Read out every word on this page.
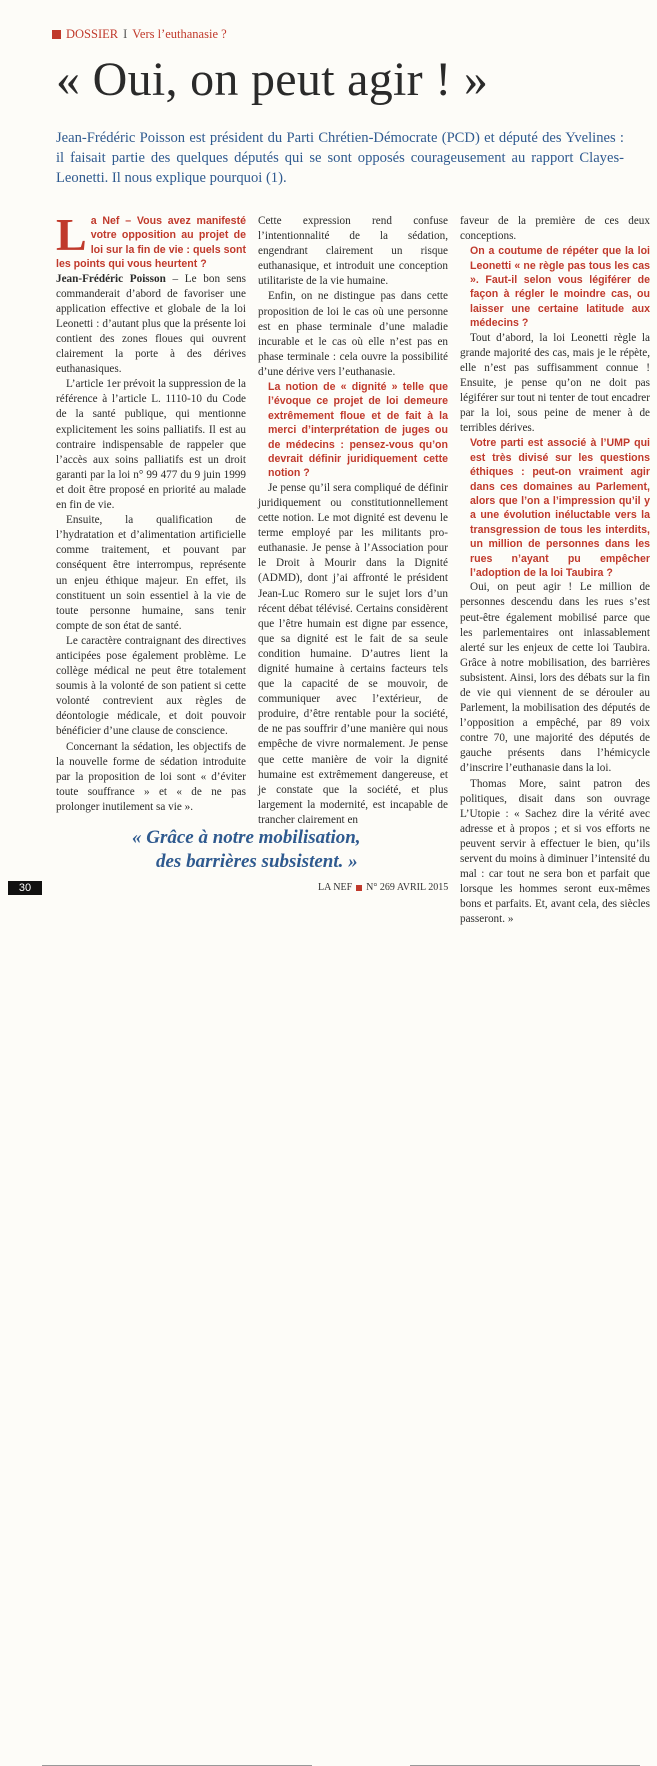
DOSSIER I Vers l’euthanasie ?
« Oui, on peut agir ! »
Jean-Frédéric Poisson est président du Parti Chrétien-Démocrate (PCD) et député des Yvelines : il faisait partie des quelques députés qui se sont opposés courageusement au rapport Clayes-Leonetti. Il nous explique pourquoi (1).
La Nef – Vous avez manifesté votre opposition au projet de loi sur la fin de vie : quels sont les points qui vous heurtent ?

Jean-Frédéric Poisson – Le bon sens commanderait d’abord de favoriser une application effective et globale de la loi Leonetti : d’autant plus que la présente loi contient des zones floues qui ouvrent clairement la porte à des dérives euthanasiques.

L’article 1er prévoit la suppression de la référence à l’article L. 1110-10 du Code de la santé publique, qui mentionne explicitement les soins palliatifs. Il est au contraire indispensable de rappeler que l’accès aux soins palliatifs est un droit garanti par la loi n° 99 477 du 9 juin 1999 et doit être proposé en priorité au malade en fin de vie.

Ensuite, la qualification de l’hydratation et d’alimentation artificielle comme traitement, et pouvant par conséquent être interrompus, représente un enjeu éthique majeur. En effet, ils constituent un soin essentiel à la vie de toute personne humaine, sans tenir compte de son état de santé.

Le caractère contraignant des directives anticipées pose également problème. Le collège médical ne peut être totalement soumis à la volonté de son patient si cette volonté contrevient aux règles de déontologie médicale, et doit pouvoir bénéficier d’une clause de conscience.

Concernant la sédation, les objectifs de la nouvelle forme de sédation introduite par la proposition de loi sont « d’éviter toute souffrance » et « de ne pas prolonger inutilement sa vie ».

Cette expression rend confuse l’intentionnalité de la sédation, engendrant clairement un risque euthanasique, et introduit une conception utilitariste de la vie humaine.

Enfin, on ne distingue pas dans cette proposition de loi le cas où une personne est en phase terminale d’une maladie incurable et le cas où elle n’est pas en phase terminale : cela ouvre la possibilité d’une dérive vers l’euthanasie.

La notion de « dignité » telle que l’évoque ce projet de loi demeure extrêmement floue et de fait à la merci d’interprétation de juges ou de médecins : pensez-vous qu’on devrait définir juridiquement cette notion ?

Je pense qu’il sera compliqué de définir juridiquement ou constitutionnellement cette notion. Le mot dignité est devenu le terme employé par les militants pro-euthanasie. Je pense à l’Association pour le Droit à Mourir dans la Dignité (ADMD), dont j’ai affronté le président Jean-Luc Romero sur le sujet lors d’un récent débat télévisé. Certains considèrent que l’être humain est digne par essence, que sa dignité est le fait de sa seule condition humaine. D’autres lient la dignité humaine à certains facteurs tels que la capacité de se mouvoir, de communiquer avec l’extérieur, de produire, d’être rentable pour la société, de ne pas souffrir d’une manière qui nous empêche de vivre normalement. Je pense que cette manière de voir la dignité humaine est extrêmement dangereuse, et je constate que la société, et plus largement la modernité, est incapable de trancher clairement en

faveur de la première de ces deux conceptions.

On a coutume de répéter que la loi Leonetti « ne règle pas tous les cas ». Faut-il selon vous légiférer de façon à régler le moindre cas, ou laisser une certaine latitude aux médecins ?

Tout d’abord, la loi Leonetti règle la grande majorité des cas, mais je le répète, elle n’est pas suffisamment connue ! Ensuite, je pense qu’on ne doit pas légiférer sur tout ni tenter de tout encadrer par la loi, sous peine de mener à de terribles dérives.

Votre parti est associé à l’UMP qui est très divisé sur les questions éthiques : peut-on vraiment agir dans ces domaines au Parlement, alors que l’on a l’impression qu’il y a une évolution inéluctable vers la transgression de tous les interdits, un million de personnes dans les rues n’ayant pu empêcher l’adoption de la loi Taubira ?

Oui, on peut agir ! Le million de personnes descendu dans les rues s’est peut-être également mobilisé parce que les parlementaires ont inlassablement alerté sur les enjeux de cette loi Taubira. Grâce à notre mobilisation, des barrières subsistent. Ainsi, lors des débats sur la fin de vie qui viennent de se dérouler au Parlement, la mobilisation des députés de l’opposition a empêché, par 89 voix contre 70, une majorité des députés de gauche présents dans l’hémicycle d’inscrire l’euthanasie dans la loi.

Thomas More, saint patron des politiques, disait dans son ouvrage L’Utopie : « Sachez dire la vérité avec adresse et à propos ; et si vos efforts ne peuvent servir à effectuer le bien, qu’ils servent du moins à diminuer l’intensité du mal : car tout ne sera bon et parfait que lorsque les hommes seront eux-mêmes bons et parfaits. Et, avant cela, des siècles passeront. »

« Grâce à notre mobilisation,
des barrières subsistent. »
30	LA NEF N° 269 AVRIL 2015
